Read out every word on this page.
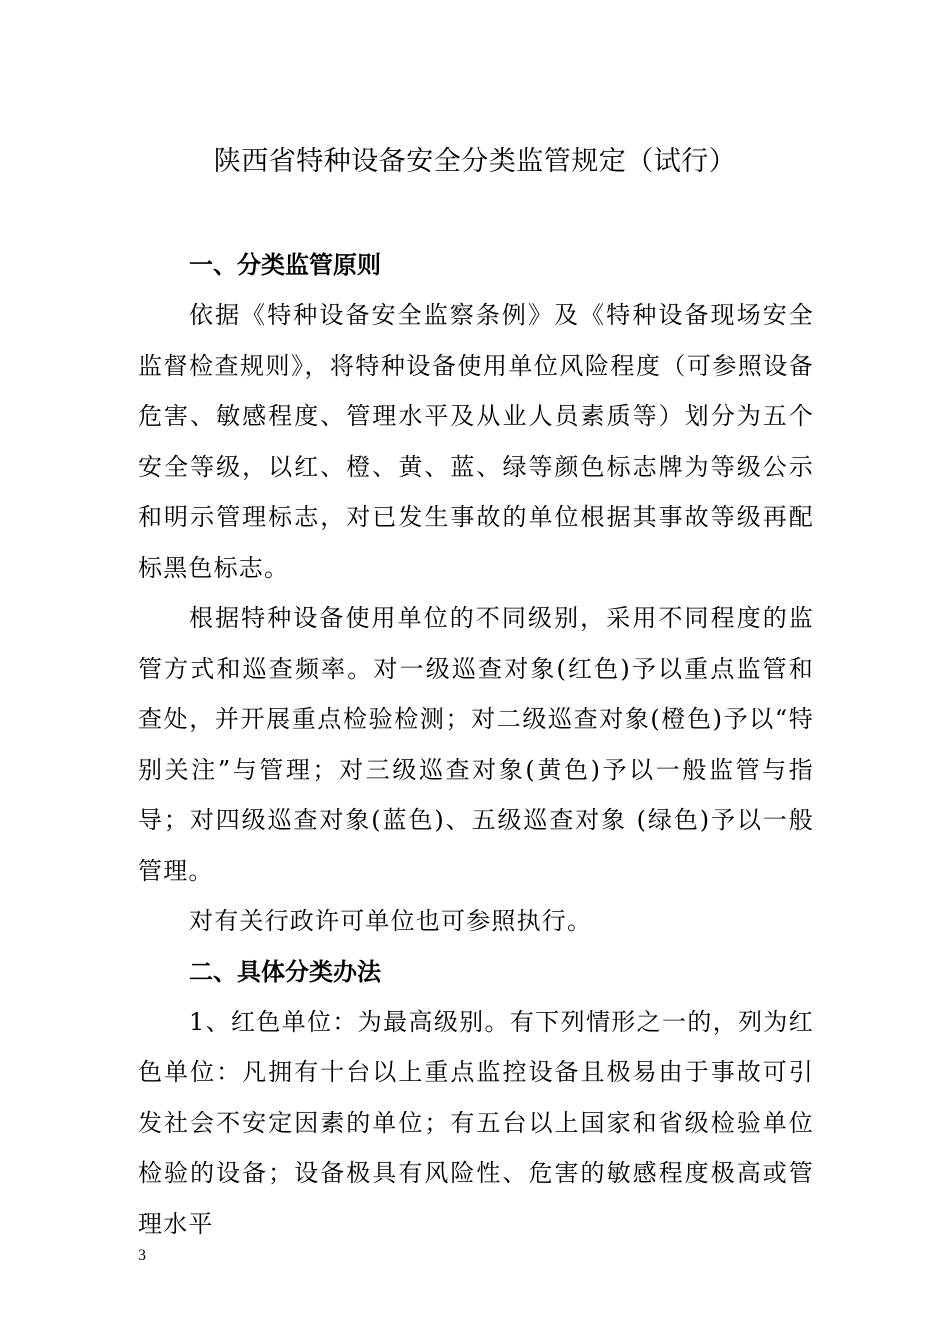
陕西省特种设备安全分类监管规定（试行）

一、分类监管原则

依据《特种设备安全监察条例》及《特种设备现场安全监督检查规则》，将特种设备使用单位风险程度（可参照设备危害、敏感程度、管理水平及从业人员素质等）划分为五个安全等级，以红、橙、黄、蓝、绿等颜色标志牌为等级公示和明示管理标志，对已发生事故的单位根据其事故等级再配标黑色标志。

根据特种设备使用单位的不同级别，采用不同程度的监管方式和巡查频率。对一级巡查对象(红色)予以重点监管和查处，并开展重点检验检测；对二级巡查对象(橙色)予以“特别关注”与管理；对三级巡查对象(黄色)予以一般监管与指导；对四级巡查对象(蓝色)、五级巡查对象 (绿色)予以一般管理。

对有关行政许可单位也可参照执行。

二、具体分类办法

1、红色单位：为最高级别。有下列情形之一的，列为红色单位：凡拥有十台以上重点监控设备且极易由于事故可引发社会不安定因素的单位；有五台以上国家和省级检验单位检验的设备；设备极具有风险性、危害的敏感程度极高或管理水平

3
